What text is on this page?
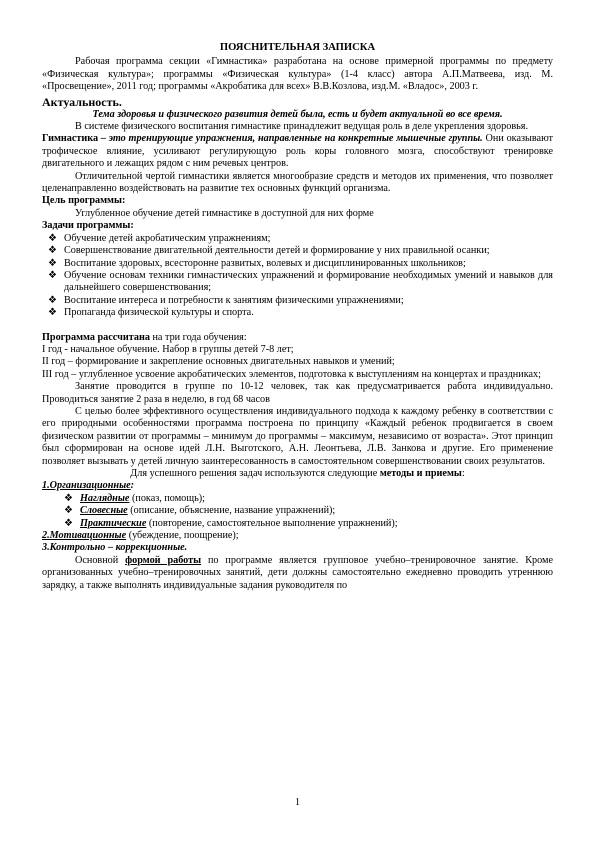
ПОЯСНИТЕЛЬНАЯ ЗАПИСКА

Рабочая программа секции «Гимнастика» разработана на основе примерной программы по предмету «Физическая культура»; программы «Физическая культура» (1-4 класс) автора А.П.Матвеева, изд. М. «Просвещение», 2011 год; программы «Акробатика для всех» В.В.Козлова, изд.М. «Владос», 2003 г.

Актуальность.

Тема здоровья и физического развития детей была, есть и будет актуальной во все время.

В системе физического воспитания гимнастике принадлежит ведущая роль в деле укрепления здоровья.

Гимнастика – это тренирующие упражнения, направленные на конкретные мышечные группы. Они оказывают трофическое влияние, усиливают регулирующую роль коры головного мозга, способствуют тренировке двигательного и лежащих рядом с ним речевых центров.

Отличительной чертой гимнастики является многообразие средств и методов их применения, что позволяет целенаправленно воздействовать на развитие тех основных функций организма.

Цель программы:

Углубленное обучение детей гимнастике в доступной для них форме

Задачи программы:

❖ Обучение детей акробатическим упражнениям;
❖ Совершенствование двигательной деятельности детей и формирование у них правильной осанки;
❖ Воспитание здоровых, всесторонне развитых, волевых и дисциплинированных школьников;
❖ Обучение основам техники гимнастических упражнений и формирование необходимых умений и навыков для дальнейшего совершенствования;
❖ Воспитание интереса и потребности к занятиям физическими упражнениями;
❖ Пропаганда физической культуры и спорта.

Программа рассчитана на три года обучения:

I год - начальное обучение. Набор в группы детей 7-8 лет;

II год – формирование и закрепление основных двигательных навыков и умений;

III год – углубленное усвоение акробатических элементов, подготовка к выступлениям на концертах и праздниках;

Занятие проводится в группе по 10-12 человек, так как предусматривается работа индивидуально. Проводиться занятие 2 раза в неделю, в год 68 часов

С целью более эффективного осуществления индивидуального подхода к каждому ребенку в соответствии с его природными особенностями программа построена по принципу «Каждый ребенок продвигается в своем физическом развитии от программы – минимум до программы – максимум, независимо от возраста». Этот принцип был сформирован на основе идей Л.Н. Выготского, А.Н. Леонтьева, Л.В. Занкова и другие. Его применение позволяет вызывать у детей личную заинтересованность в самостоятельном совершенствовании своих результатов.

Для успешного решения задач используются следующие методы и приемы:

1.Организационные:

❖ Наглядные (показ, помощь);
❖ Словесные (описание, объяснение, название упражнений);
❖ Практические (повторение, самостоятельное выполнение упражнений);

2.Мотивационные (убеждение, поощрение);

3.Контрольно – коррекционные.

Основной формой работы по программе является групповое учебно–тренировочное занятие. Кроме организованных учебно–тренировочных занятий, дети должны самостоятельно ежедневно проводить утреннюю зарядку, а также выполнять индивидуальные задания руководителя по

1
